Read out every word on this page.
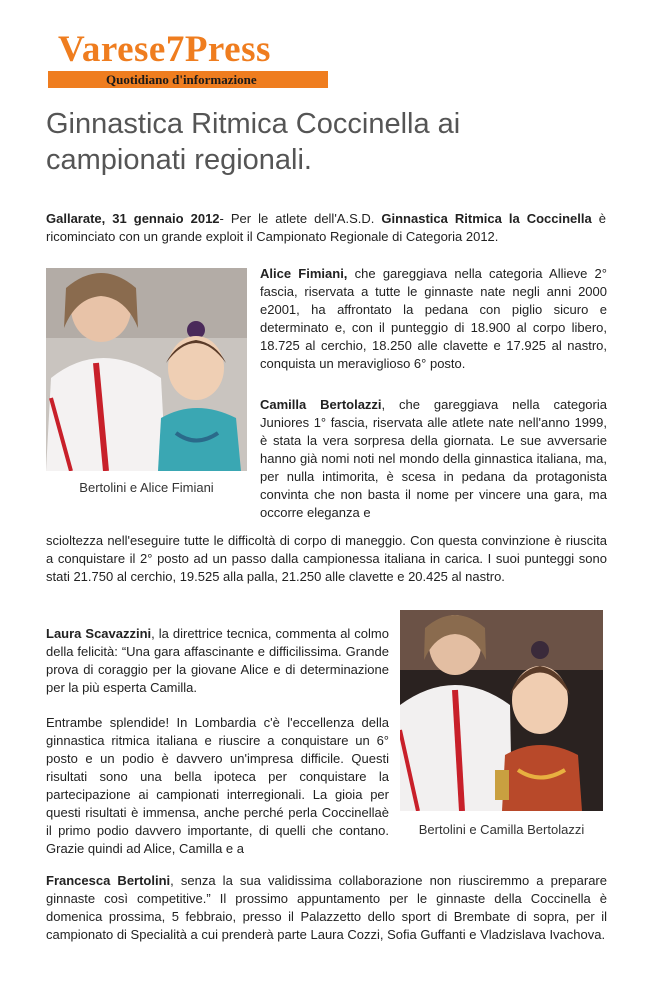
Varese7Press
Quotidiano d'informazione
Ginnastica Ritmica Coccinella ai campionati regionali.

Gallarate, 31 gennaio 2012- Per le atlete dell'A.S.D. Ginnastica Ritmica la Coccinella è ricominciato con un grande exploit il Campionato Regionale di Categoria 2012.

Bertolini e Alice Fimiani

Alice Fimiani, che gareggiava nella categoria Allieve 2° fascia, riservata a tutte le ginnaste nate negli anni 2000 e2001, ha affrontato la pedana con piglio sicuro e determinato e, con il punteggio di 18.900 al corpo libero, 18.725 al cerchio, 18.250 alle clavette e 17.925 al nastro, conquista un meraviglioso 6° posto.

Camilla Bertolazzi, che gareggiava nella categoria Juniores 1° fascia, riservata alle atlete nate nell'anno 1999, è stata la vera sorpresa della giornata. Le sue avversarie hanno già nomi noti nel mondo della ginnastica italiana, ma, per nulla intimorita, è scesa in pedana da protagonista convinta che non basta il nome per vincere una gara, ma occorre eleganza e

scioltezza nell'eseguire tutte le difficoltà di corpo di maneggio. Con questa convinzione è riuscita a conquistare il 2° posto ad un passo dalla campionessa italiana in carica. I suoi punteggi sono stati 21.750 al cerchio, 19.525 alla palla, 21.250 alle clavette e 20.425 al nastro.

Laura Scavazzini, la direttrice tecnica, commenta al colmo della felicità: “Una gara affascinante e difficilissima. Grande prova di coraggio per la giovane Alice e di determinazione per la più esperta Camilla.

Bertolini e Camilla Bertolazzi

Entrambe splendide! In Lombardia c'è l'eccellenza della ginnastica ritmica italiana e riuscire a conquistare un 6° posto e un podio è davvero un'impresa difficile. Questi risultati sono una bella ipoteca per conquistare la partecipazione ai campionati interregionali. La gioia per questi risultati è immensa, anche perché perla Coccinellaè il primo podio davvero importante, di quelli che contano. Grazie quindi ad Alice, Camilla e a

Francesca Bertolini, senza la sua validissima collaborazione non riusciremmo a preparare ginnaste così competitive.” Il prossimo appuntamento per le ginnaste della Coccinella è domenica prossima, 5 febbraio, presso il Palazzetto dello sport di Brembate di sopra, per il campionato di Specialità a cui prenderà parte Laura Cozzi, Sofia Guffanti e Vladzislava Ivachova.
